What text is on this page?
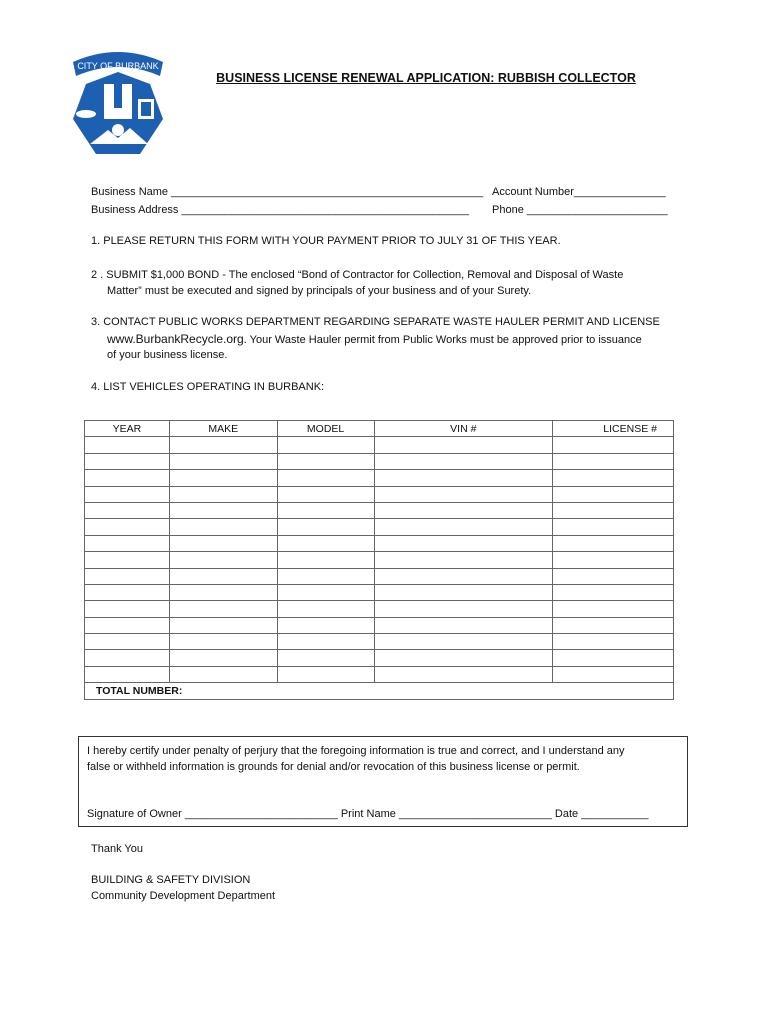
CITY OF BURBANK
BUSINESS LICENSE RENEWAL APPLICATION: RUBBISH COLLECTOR
Business Name ___________________________________________________ Account Number_______________
Business Address _______________________________________________ Phone _______________________
1. PLEASE RETURN THIS FORM WITH YOUR PAYMENT PRIOR TO JULY 31 OF THIS YEAR.
2 . SUBMIT $1,000 BOND - The enclosed “Bond of Contractor for Collection, Removal and Disposal of Waste
Matter” must be executed and signed by principals of your business and of your Surety.
3. CONTACT PUBLIC WORKS DEPARTMENT REGARDING SEPARATE WASTE HAULER PERMIT AND LICENSE
www.BurbankRecycle.org. Your Waste Hauler permit from Public Works must be approved prior to issuance
of your business license.
4. LIST VEHICLES OPERATING IN BURBANK:
YEAR	MAKE	MODEL	VIN #	LICENSE #

TOTAL NUMBER:				
I hereby certify under penalty of perjury that the foregoing information is true and correct, and I understand any
false or withheld information is grounds for denial and/or revocation of this business license or permit.
Signature of Owner _________________________ Print Name _________________________ Date ___________
Thank You
BUILDING & SAFETY DIVISION
Community Development Department
